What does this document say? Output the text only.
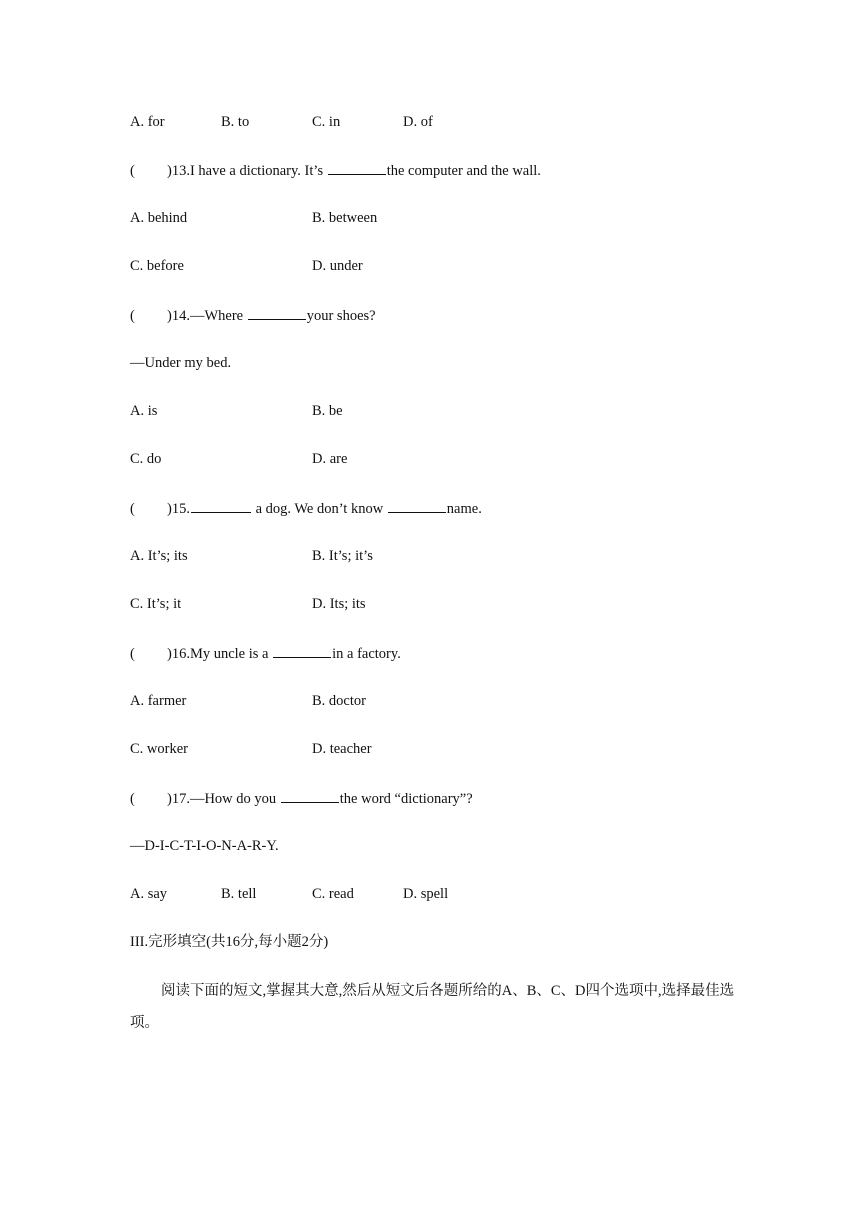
A. for	B. to	C. in	D. of
( )13.I have a dictionary. It’s	the computer and the wall.
A. behind	B. between
C. before	D. under
( )14.—Where	your shoes?
—Under my bed.
A. is	B. be
C. do	D. are
( )15.	a dog. We don’t know	name.
A. It’s; its	B. It’s; it’s
C. It’s; it	D. Its; its
( )16.My uncle is a	in a factory.
A. farmer	B. doctor
C. worker	D. teacher
( )17.—How do you	the word “dictionary”?
—D-I-C-T-I-O-N-A-R-Y.
A. say	B. tell	C. read	D. spell
III.完形填空(共16分,每小题2分)
阅读下面的短文,掌握其大意,然后从短文后各题所给的A、B、C、D四个选项中,选择最佳选项。
